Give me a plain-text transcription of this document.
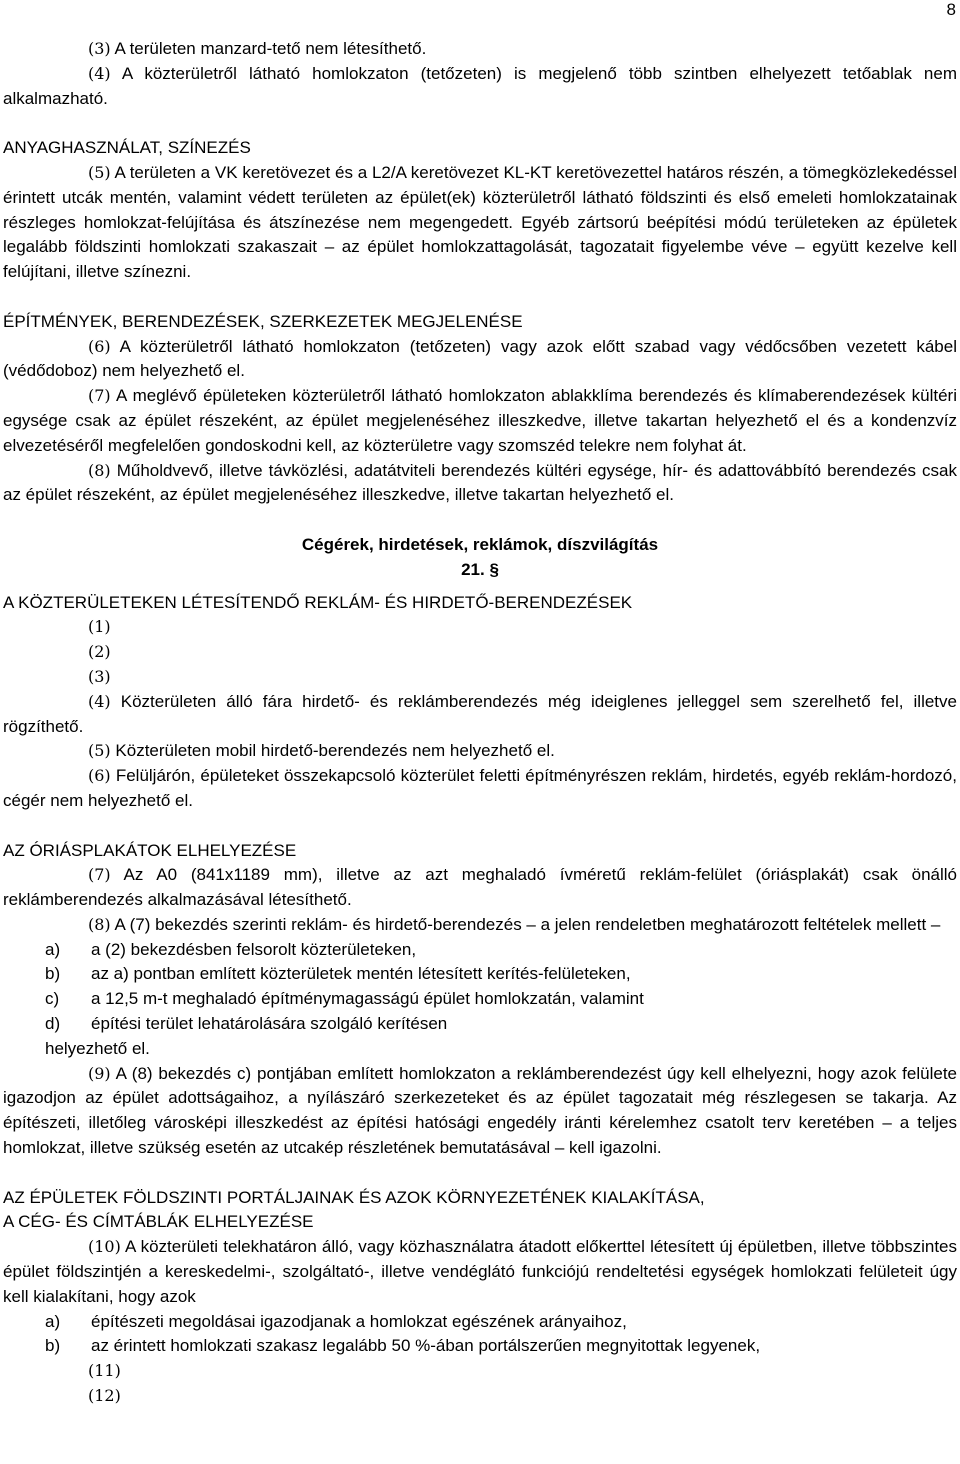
8

(3) A területen manzard-tető nem létesíthető.

(4) A közterületről látható homlokzaton (tetőzeten) is megjelenő több szintben elhelyezett tetőablak nem alkalmazható.

ANYAGHASZNÁLAT, SZÍNEZÉS

(5) A területen a VK keretövezet és a L2/A keretövezet KL-KT keretövezettel határos részén, a tömegközlekedéssel érintett utcák mentén, valamint védett területen az épület(ek) közterületről látható földszinti és első emeleti homlokzatainak részleges homlokzat-felújítása és átszínezése nem megengedett. Egyéb zártsorú beépítési módú területeken az épületek legalább földszinti homlokzati szakaszait – az épület homlokzattagolását, tagozatait figyelembe véve – együtt kezelve kell felújítani, illetve színezni.

ÉPÍTMÉNYEK, BERENDEZÉSEK, SZERKEZETEK MEGJELENÉSE

(6) A közterületről látható homlokzaton (tetőzeten) vagy azok előtt szabad vagy védőcsőben vezetett kábel (védődoboz) nem helyezhető el.

(7) A meglévő épületeken közterületről látható homlokzaton ablakklíma berendezés és klímaberendezések kültéri egysége csak az épület részeként, az épület megjelenéséhez illeszkedve, illetve takartan helyezhető el és a kondenzvíz elvezetéséről megfelelően gondoskodni kell, az közterületre vagy szomszéd telekre nem folyhat át.

(8) Műholdvevő, illetve távközlési, adatátviteli berendezés kültéri egysége, hír- és adattovábbító berendezés csak az épület részeként, az épület megjelenéséhez illeszkedve, illetve takartan helyezhető el.

Cégérek, hirdetések, reklámok, díszvilágítás

21. §

A KÖZTERÜLETEKEN LÉTESÍTENDŐ REKLÁM- ÉS HIRDETŐ-BERENDEZÉSEK

(1)

(2)

(3)

(4) Közterületen álló fára hirdető- és reklámberendezés még ideiglenes jelleggel sem szerelhető fel, illetve rögzíthető.

(5) Közterületen mobil hirdető-berendezés nem helyezhető el.

(6) Felüljárón, épületeket összekapcsoló közterület feletti építményrészen reklám, hirdetés, egyéb reklám-hordozó, cégér nem helyezhető el.

AZ ÓRIÁSPLAKÁTOK ELHELYEZÉSE

(7) Az A0 (841x1189 mm), illetve az azt meghaladó ívméretű reklám-felület (óriásplakát) csak önálló reklámberendezés alkalmazásával létesíthető.

(8) A (7) bekezdés szerinti reklám- és hirdető-berendezés – a jelen rendeletben meghatározott feltételek mellett –

a)	a (2) bekezdésben felsorolt közterületeken,
b)	az a) pontban említett közterületek mentén létesített kerítés-felületeken,
c)	a 12,5 m-t meghaladó építménymagasságú épület homlokzatán, valamint
d)	építési terület lehatárolására szolgáló kerítésen

helyezhető el.

(9) A (8) bekezdés c) pontjában említett homlokzaton a reklámberendezést úgy kell elhelyezni, hogy azok felülete igazodjon az épület adottságaihoz, a nyílászáró szerkezeteket és az épület tagozatait még részlegesen se takarja. Az építészeti, illetőleg városképi illeszkedést az építési hatósági engedély iránti kérelemhez csatolt terv keretében – a teljes homlokzat, illetve szükség esetén az utcakép részletének bemutatásával – kell igazolni.

AZ ÉPÜLETEK FÖLDSZINTI PORTÁLJAINAK ÉS AZOK KÖRNYEZETÉNEK KIALAKÍTÁSA,

A CÉG- ÉS CÍMTÁBLÁK ELHELYEZÉSE

(10) A közterületi telekhatáron álló, vagy közhasználatra átadott előkerttel létesített új épületben, illetve többszintes épület földszintjén a kereskedelmi-, szolgáltató-, illetve vendéglátó funkciójú rendeltetési egységek homlokzati felületeit úgy kell kialakítani, hogy azok

a)	építészeti megoldásai igazodjanak a homlokzat egészének arányaihoz,
b)	az érintett homlokzati szakasz legalább 50 %-ában portálszerűen megnyitottak legyenek,

(11)

(12)
